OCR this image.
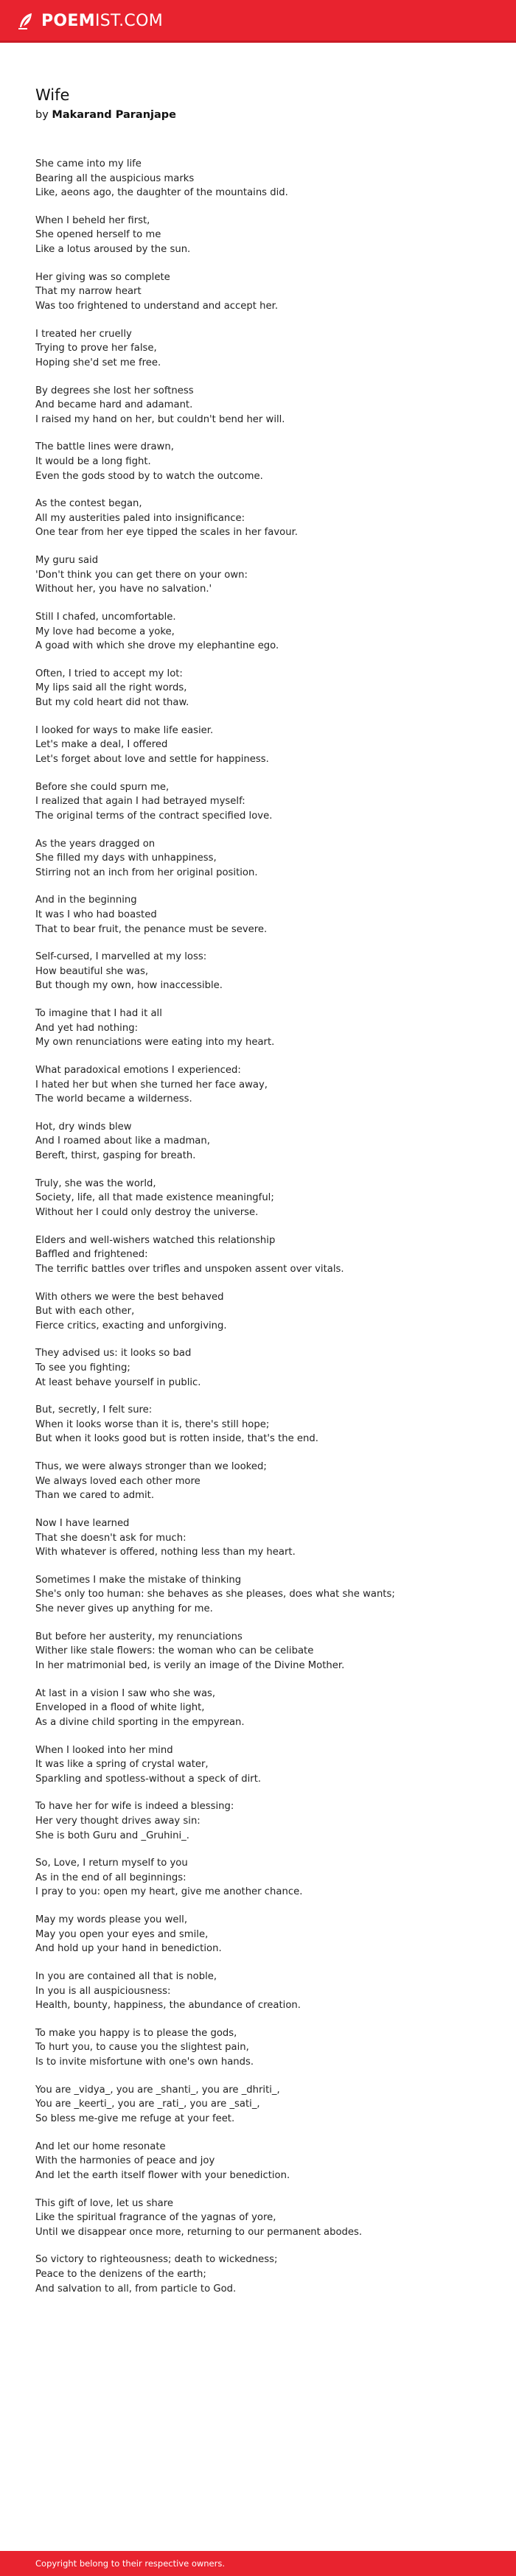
POEMIST.COM
Wife
by Makarand Paranjape
She came into my life
Bearing all the auspicious marks
Like, aeons ago, the daughter of the mountains did.
When I beheld her first,
She opened herself to me
Like a lotus aroused by the sun.
Her giving was so complete
That my narrow heart
Was too frightened to understand and accept her.
I treated her cruelly
Trying to prove her false,
Hoping she'd set me free.
By degrees she lost her softness
And became hard and adamant.
I raised my hand on her, but couldn't bend her will.
The battle lines were drawn,
It would be a long fight.
Even the gods stood by to watch the outcome.
As the contest began,
All my austerities paled into insignificance:
One tear from her eye tipped the scales in her favour.
My guru said
'Don't think you can get there on your own:
Without her, you have no salvation.'
Still I chafed, uncomfortable.
My love had become a yoke,
A goad with which she drove my elephantine ego.
Often, I tried to accept my lot:
My lips said all the right words,
But my cold heart did not thaw.
I looked for ways to make life easier.
Let's make a deal, I offered
Let's forget about love and settle for happiness.
Before she could spurn me,
I realized that again I had betrayed myself:
The original terms of the contract specified love.
As the years dragged on
She filled my days with unhappiness,
Stirring not an inch from her original position.
And in the beginning
It was I who had boasted
That to bear fruit, the penance must be severe.
Self-cursed, I marvelled at my loss:
How beautiful she was,
But though my own, how inaccessible.
To imagine that I had it all
And yet had nothing:
My own renunciations were eating into my heart.
What paradoxical emotions I experienced:
I hated her but when she turned her face away,
The world became a wilderness.
Hot, dry winds blew
And I roamed about like a madman,
Bereft, thirst, gasping for breath.
Truly, she was the world,
Society, life, all that made existence meaningful;
Without her I could only destroy the universe.
Elders and well-wishers watched this relationship
Baffled and frightened:
The terrific battles over trifles and unspoken assent over vitals.
With others we were the best behaved
But with each other,
Fierce critics, exacting and unforgiving.
They advised us: it looks so bad
To see you fighting;
At least behave yourself in public.
But, secretly, I felt sure:
When it looks worse than it is, there's still hope;
But when it looks good but is rotten inside, that's the end.
Thus, we were always stronger than we looked;
We always loved each other more
Than we cared to admit.
Now I have learned
That she doesn't ask for much:
With whatever is offered, nothing less than my heart.
Sometimes I make the mistake of thinking
She's only too human: she behaves as she pleases, does what she wants;
She never gives up anything for me.
But before her austerity, my renunciations
Wither like stale flowers: the woman who can be celibate
In her matrimonial bed, is verily an image of the Divine Mother.
At last in a vision I saw who she was,
Enveloped in a flood of white light,
As a divine child sporting in the empyrean.
When I looked into her mind
It was like a spring of crystal water,
Sparkling and spotless-without a speck of dirt.
To have her for wife is indeed a blessing:
Her very thought drives away sin:
She is both Guru and _Gruhini_.
So, Love, I return myself to you
As in the end of all beginnings:
I pray to you: open my heart, give me another chance.
May my words please you well,
May you open your eyes and smile,
And hold up your hand in benediction.
In you are contained all that is noble,
In you is all auspiciousness:
Health, bounty, happiness, the abundance of creation.
To make you happy is to please the gods,
To hurt you, to cause you the slightest pain,
Is to invite misfortune with one's own hands.
You are _vidya_, you are _shanti_, you are _dhriti_,
You are _keerti_, you are _rati_, you are _sati_,
So bless me-give me refuge at your feet.
And let our home resonate
With the harmonies of peace and joy
And let the earth itself flower with your benediction.
This gift of love, let us share
Like the spiritual fragrance of the yagnas of yore,
Until we disappear once more, returning to our permanent abodes.
So victory to righteousness; death to wickedness;
Peace to the denizens of the earth;
And salvation to all, from particle to God.
Copyright belong to their respective owners.
